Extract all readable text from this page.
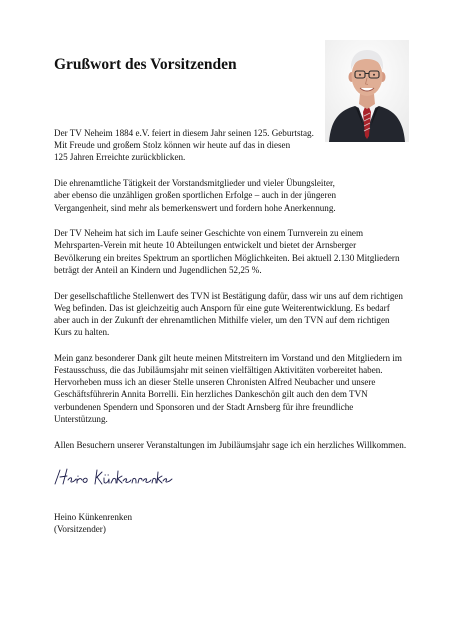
Grußwort des Vorsitzenden

Der TV Neheim 1884 e.V. feiert in diesem Jahr seinen 125. Geburtstag.
Mit Freude und großem Stolz können wir heute auf das in diesen
125 Jahren Erreichte zurückblicken.

Die ehrenamtliche Tätigkeit der Vorstandsmitglieder und vieler Übungsleiter,
aber ebenso die unzähligen großen sportlichen Erfolge – auch in der jüngeren
Vergangenheit, sind mehr als bemerkenswert und fordern hohe Anerkennung.

Der TV Neheim hat sich im Laufe seiner Geschichte von einem Turnverein zu einem
Mehrsparten-Verein mit heute 10 Abteilungen entwickelt und bietet der Arnsberger
Bevölkerung ein breites Spektrum an sportlichen Möglichkeiten. Bei aktuell 2.130 Mitgliedern
beträgt der Anteil an Kindern und Jugendlichen 52,25 %.

Der gesellschaftliche Stellenwert des TVN ist Bestätigung dafür, dass wir uns auf dem richtigen
Weg befinden. Das ist gleichzeitig auch Ansporn für eine gute Weiterentwicklung. Es bedarf
aber auch in der Zukunft der ehrenamtlichen Mithilfe vieler, um den TVN auf dem richtigen
Kurs zu halten.

Mein ganz besonderer Dank gilt heute meinen Mitstreitern im Vorstand und den Mitgliedern im
Festausschuss, die das Jubiläumsjahr mit seinen vielfältigen Aktivitäten vorbereitet haben.
Hervorheben muss ich an dieser Stelle unseren Chronisten Alfred Neubacher und unsere
Geschäftsführerin Annita Borrelli. Ein herzliches Dankeschön gilt auch den dem TVN
verbundenen Spendern und Sponsoren und der Stadt Arnsberg für ihre freundliche
Unterstützung.

Allen Besuchern unserer Veranstaltungen im Jubiläumsjahr sage ich ein herzliches Willkommen.

Heino Künkenrenken
(Vorsitzender)
